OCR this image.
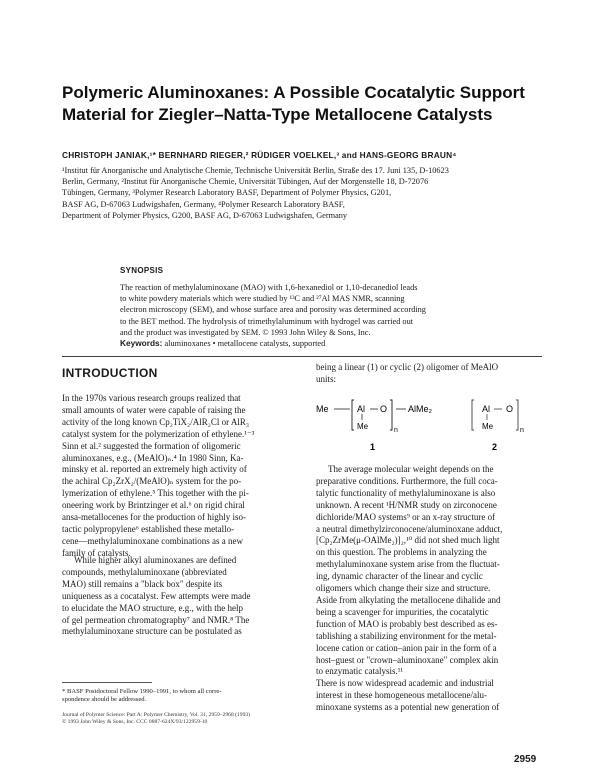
Polymeric Aluminoxanes: A Possible Cocatalytic Support
Material for Ziegler–Natta-Type Metallocene Catalysts
CHRISTOPH JANIAK,¹* BERNHARD RIEGER,² RÜDIGER VOELKEL,³ and HANS-GEORG BRAUN⁴
¹Institut für Anorganische und Analytische Chemie, Technische Universität Berlin, Straße des 17. Juni 135, D-10623
Berlin, Germany, ²Institut für Anorganische Chemie, Universität Tübingen, Auf der Morgenstelle 18, D-72076
Tübingen, Germany, ³Polymer Research Laboratory BASF, Department of Polymer Physics, G201,
BASF AG, D-67063 Ludwigshafen, Germany, ⁴Polymer Research Laboratory BASF,
Department of Polymer Physics, G200, BASF AG, D-67063 Ludwigshafen, Germany
SYNOPSIS
The reaction of methylaluminoxane (MAO) with 1,6-hexanediol or 1,10-decanediol leads
to white powdery materials which were studied by ¹³C and ²⁷Al MAS NMR, scanning
electron microscopy (SEM), and whose surface area and porosity was determined according
to the BET method. The hydrolysis of trimethylaluminum with hydrogel was carried out
and the product was investigated by SEM. © 1993 John Wiley & Sons, Inc.
Keywords: aluminoxanes • metallocene catalysts, supported
INTRODUCTION
In the 1970s various research groups realized that
small amounts of water were capable of raising the
activity of the long known Cp₂TiX₂/AlR₂Cl or AlR₃
catalyst system for the polymerization of ethylene.¹⁻³
Sinn et al.² suggested the formation of oligomeric
aluminoxanes, e.g., (MeAlO)ₙ.⁴ In 1980 Sinn, Ka-
minsky et al. reported an extremely high activity of
the achiral Cp₂ZrX₂/(MeAlO)ₙ system for the po-
lymerization of ethylene.⁵ This together with the pi-
oneering work by Brintzinger et al.⁶ on rigid chiral
ansa-metallocenes for the production of highly iso-
tactic polypropylene⁶ established these metallo-
cene—methylaluminoxane combinations as a new
family of catalysts.
While higher alkyl aluminoxanes are defined
compounds, methylaluminoxane (abbreviated
MAO) still remains a "black box" despite its
uniqueness as a cocatalyst. Few attempts were made
to elucidate the MAO structure, e.g., with the help
of gel permeation chromatography⁷ and NMR.⁸ The
methylaluminoxane structure can be postulated as
being a linear (1) or cyclic (2) oligomer of MeAlO
units:
Me	Al O
n
Me
AlMe₂
1
Al O
n
Me
2
The average molecular weight depends on the
preparative conditions. Furthermore, the full coca-
talytic functionality of methylaluminoxane is also
unknown. A recent ¹H/NMR study on zirconocene
dichloride/MAO systems⁹ or an x-ray structure of
a neutral dimethylzirconocene/aluminoxane adduct,
[Cp₂ZrMe(μ-OAlMe₂)]₂,¹⁰ did not shed much light
on this question. The problems in analyzing the
methylaluminoxane system arise from the fluctuat-
ing, dynamic character of the linear and cyclic
oligomers which change their size and structure.
Aside from alkylating the metallocene dihalide and
being a scavenger for impurities, the cocatalytic
function of MAO is probably best described as es-
tablishing a stabilizing environment for the metal-
locene cation or cation–anion pair in the form of a
host–guest or "crown–aluminoxane" complex akin
to enzymatic catalysis.¹¹
There is now widespread academic and industrial
interest in these homogeneous metallocene/alu-
minoxane systems as a potential new generation of
* BASF Postdoctoral Fellow 1990–1991, to whom all corre-
spondence should be addressed.
Journal of Polymer Science: Part A: Polymer Chemistry, Vol. 31, 2959–2968 (1993)
© 1993 John Wiley & Sons, Inc. CCC 0887-624X/93/122959-10
2959
